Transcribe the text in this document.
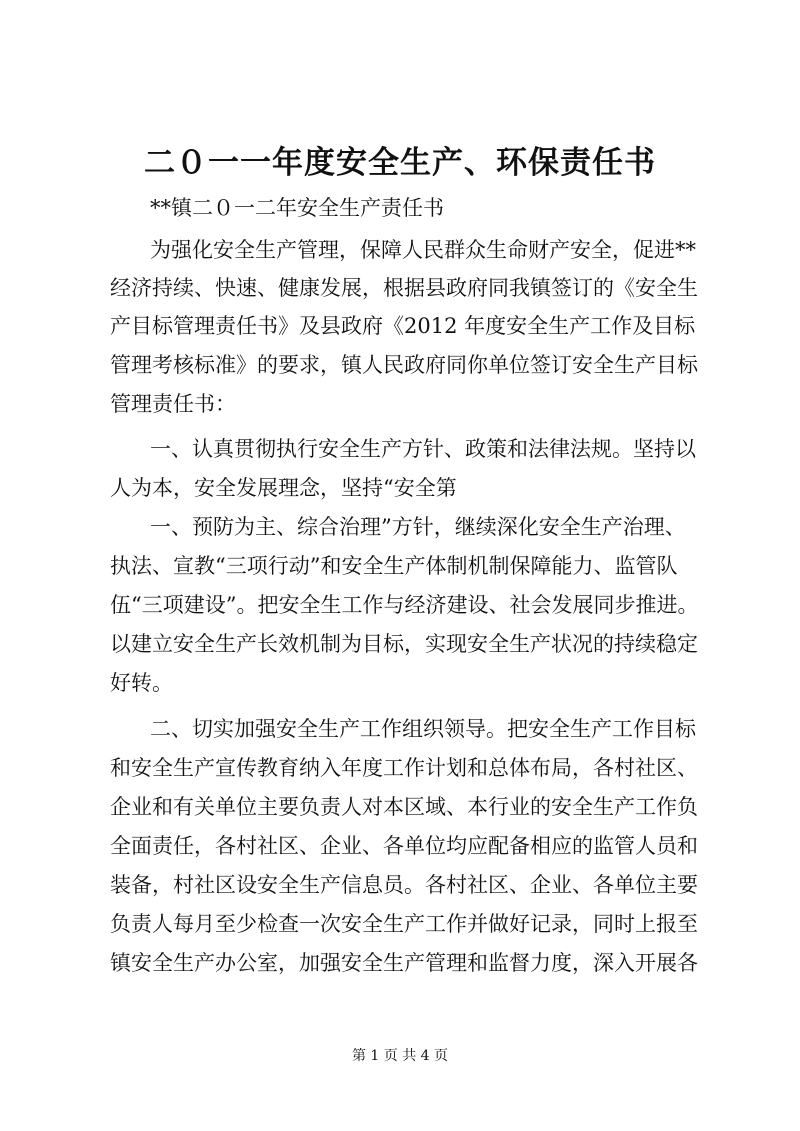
二０一一年度安全生产、环保责任书
**镇二０一二年安全生产责任书
为强化安全生产管理，保障人民群众生命财产安全，促进**
经济持续、快速、健康发展，根据县政府同我镇签订的《安全生
产目标管理责任书》及县政府《2012 年度安全生产工作及目标
管理考核标准》的要求，镇人民政府同你单位签订安全生产目标
管理责任书：
一、认真贯彻执行安全生产方针、政策和法律法规。坚持以
人为本，安全发展理念，坚持“安全第
一、预防为主、综合治理”方针，继续深化安全生产治理、
执法、宣教“三项行动”和安全生产体制机制保障能力、监管队
伍“三项建设”。把安全生工作与经济建设、社会发展同步推进。
以建立安全生产长效机制为目标，实现安全生产状况的持续稳定
好转。
二、切实加强安全生产工作组织领导。把安全生产工作目标
和安全生产宣传教育纳入年度工作计划和总体布局，各村社区、
企业和有关单位主要负责人对本区域、本行业的安全生产工作负
全面责任，各村社区、企业、各单位均应配备相应的监管人员和
装备，村社区设安全生产信息员。各村社区、企业、各单位主要
负责人每月至少检查一次安全生产工作并做好记录，同时上报至
镇安全生产办公室，加强安全生产管理和监督力度，深入开展各
第 1 页 共 4 页
